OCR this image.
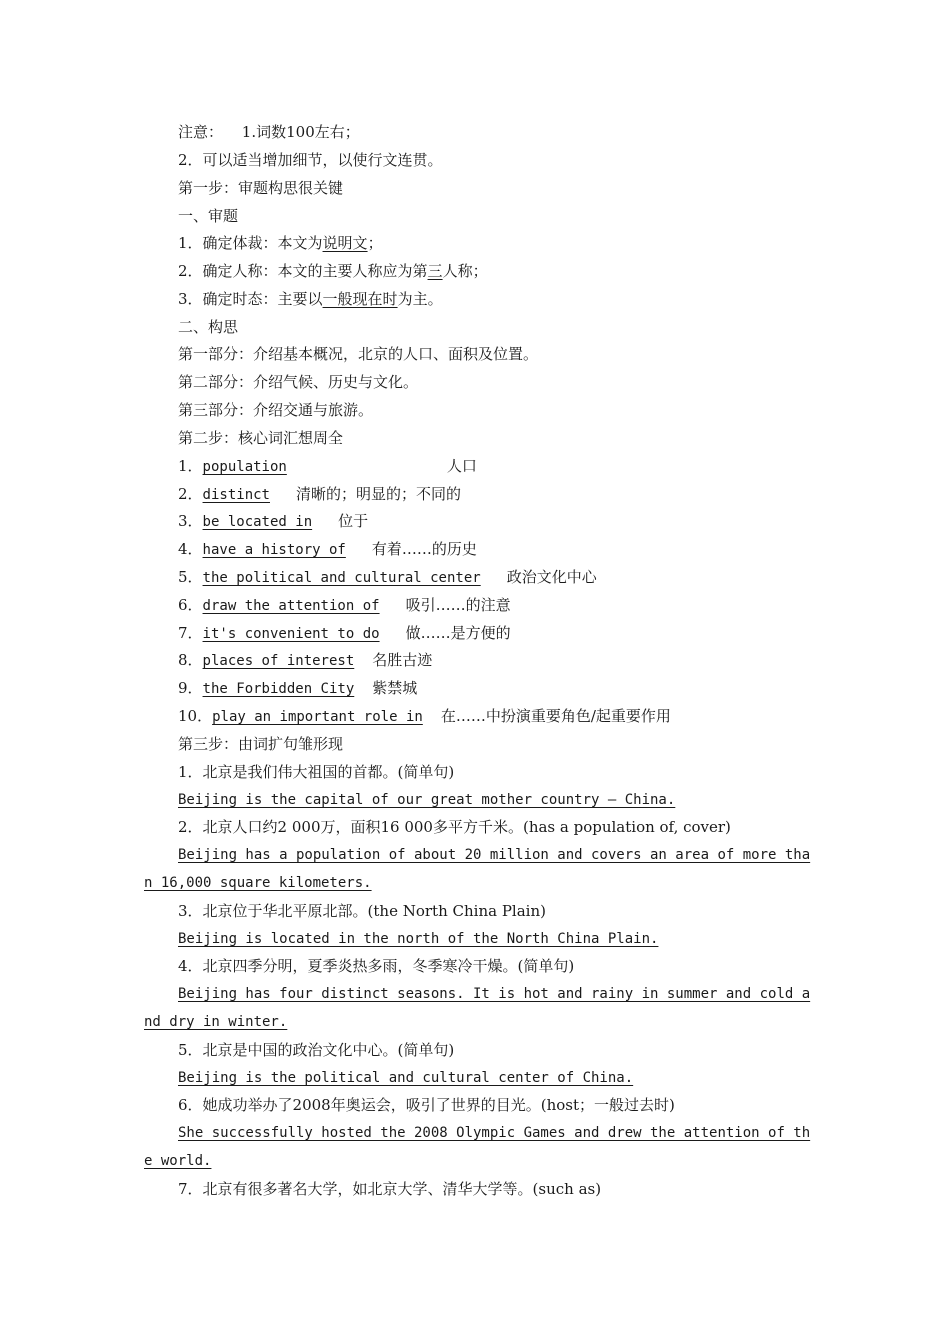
注意： 1.词数100左右；
2．可以适当增加细节，以使行文连贯。
第一步：审题构思很关键
一、审题
1．确定体裁：本文为说明文；
2．确定人称：本文的主要人称应为第三人称；
3．确定时态：主要以一般现在时为主。
二、构思
第一部分：介绍基本概况，北京的人口、面积及位置。
第二部分：介绍气候、历史与文化。
第三部分：介绍交通与旅游。
第二步：核心词汇想周全
1．population	人口
2．distinct 清晰的；明显的；不同的
3．be located in 位于
4．have a history of 有着……的历史
5．the political and cultural center 政治文化中心
6．draw the attention of 吸引……的注意
7．it's convenient to do 做……是方便的
8．places of interest 名胜古迹
9．the Forbidden City 紫禁城
10．play an important role in 在……中扮演重要角色/起重要作用
第三步：由词扩句雏形现
1．北京是我们伟大祖国的首都。(简单句)
Beijing is the capital of our great mother country — China.
2．北京人口约2 000万，面积16 000多平方千米。(has a population of, cover)
Beijing has a population of about 20 million and covers an area of more tha
n 16,000 square kilometers.
3．北京位于华北平原北部。(the North China Plain)
Beijing is located in the north of the North China Plain.
4．北京四季分明，夏季炎热多雨，冬季寒冷干燥。(简单句)
Beijing has four distinct seasons. It is hot and rainy in summer and cold a
nd dry in winter.
5．北京是中国的政治文化中心。(简单句)
Beijing is the political and cultural center of China.
6．她成功举办了2008年奥运会，吸引了世界的目光。(host；一般过去时)
She successfully hosted the 2008 Olympic Games and drew the attention of th
e world.
7．北京有很多著名大学，如北京大学、清华大学等。(such as)
